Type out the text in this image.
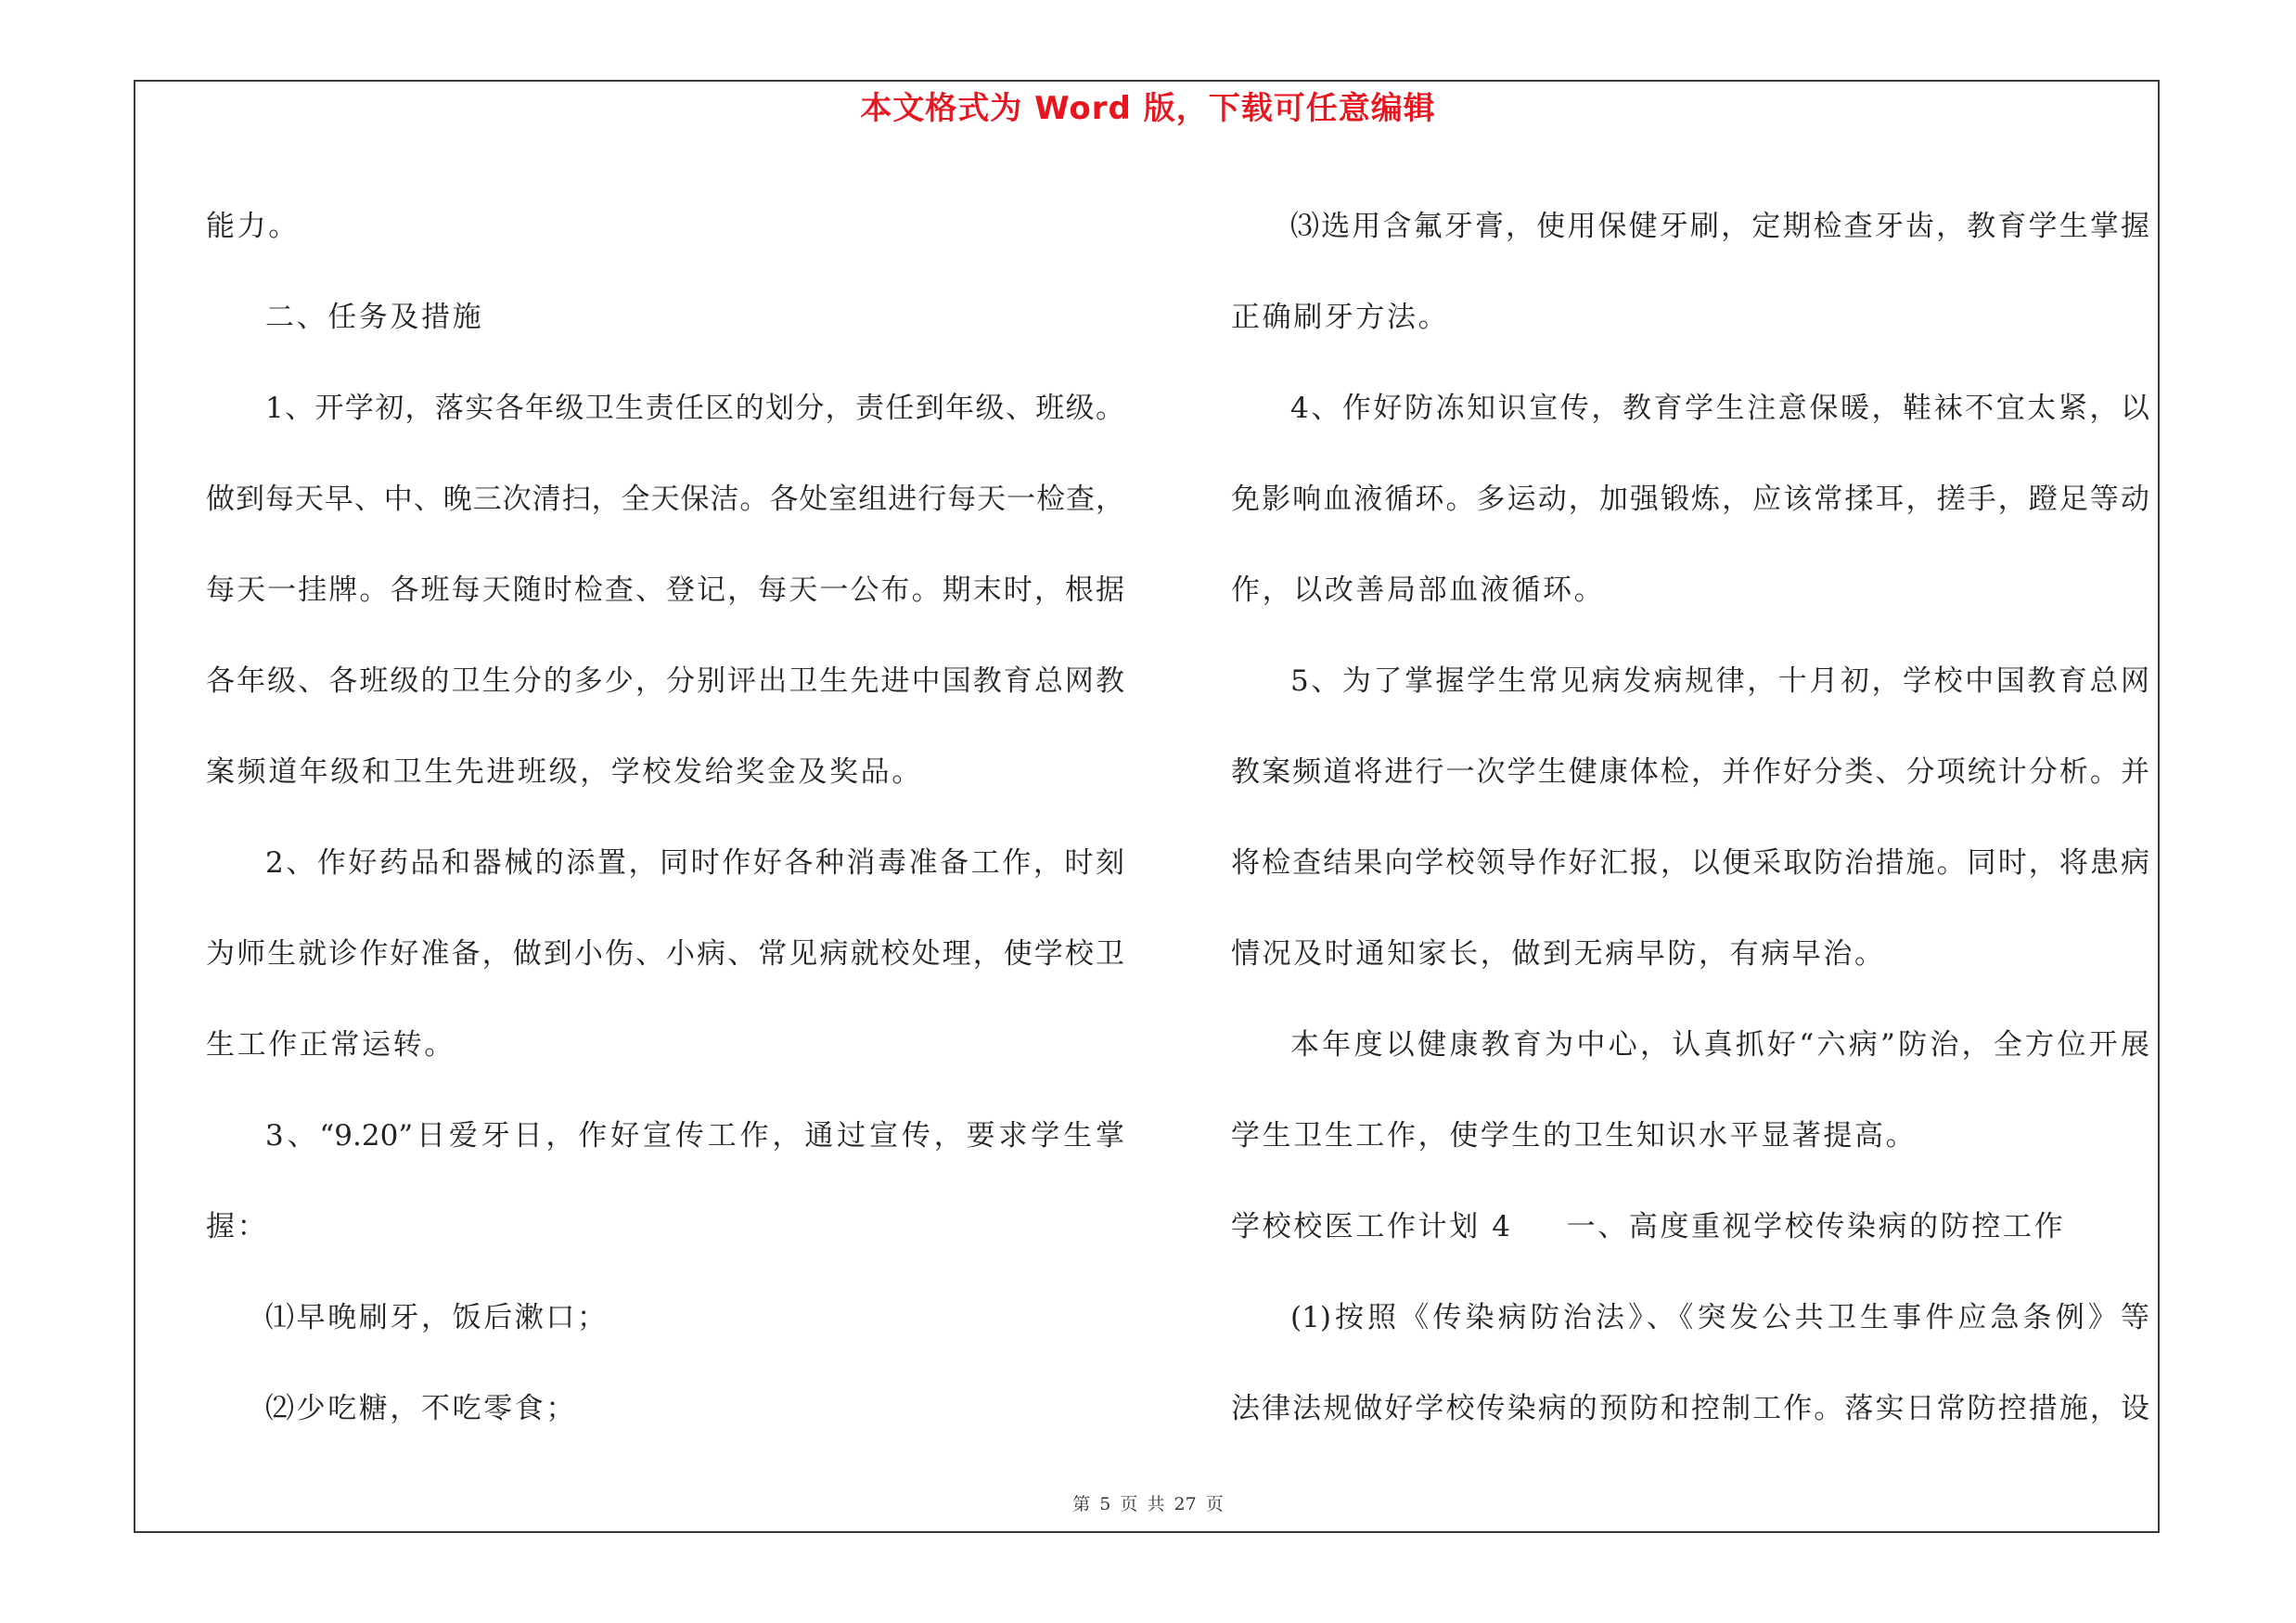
本文格式为 Word 版，下载可任意编辑

能力。

二、任务及措施

1、开学初，落实各年级卫生责任区的划分，责任到年级、班级。

做到每天早、中、晚三次清扫，全天保洁。各处室组进行每天一检查，

每天一挂牌。各班每天随时检查、登记，每天一公布。期末时，根据

各年级、各班级的卫生分的多少，分别评出卫生先进中国教育总网教

案频道年级和卫生先进班级，学校发给奖金及奖品。

2、作好药品和器械的添置，同时作好各种消毒准备工作，时刻

为师生就诊作好准备，做到小伤、小病、常见病就校处理，使学校卫

生工作正常运转。

3、“9.20”日爱牙日，作好宣传工作，通过宣传，要求学生掌

握：

⑴早晚刷牙，饭后漱口；

⑵少吃糖，不吃零食；

⑶选用含氟牙膏，使用保健牙刷，定期检查牙齿，教育学生掌握

正确刷牙方法。

4、作好防冻知识宣传，教育学生注意保暖，鞋袜不宜太紧，以

免影响血液循环。多运动，加强锻炼，应该常揉耳，搓手，蹬足等动

作，以改善局部血液循环。

5、为了掌握学生常见病发病规律，十月初，学校中国教育总网

教案频道将进行一次学生健康体检，并作好分类、分项统计分析。并

将检查结果向学校领导作好汇报，以便采取防治措施。同时，将患病

情况及时通知家长，做到无病早防，有病早治。

本年度以健康教育为中心，认真抓好“六病”防治，全方位开展

学生卫生工作，使学生的卫生知识水平显著提高。

学校校医工作计划 4 一、高度重视学校传染病的防控工作

(1)按照《传染病防治法》、《突发公共卫生事件应急条例》等

法律法规做好学校传染病的预防和控制工作。落实日常防控措施，设

第 5 页 共 27 页
